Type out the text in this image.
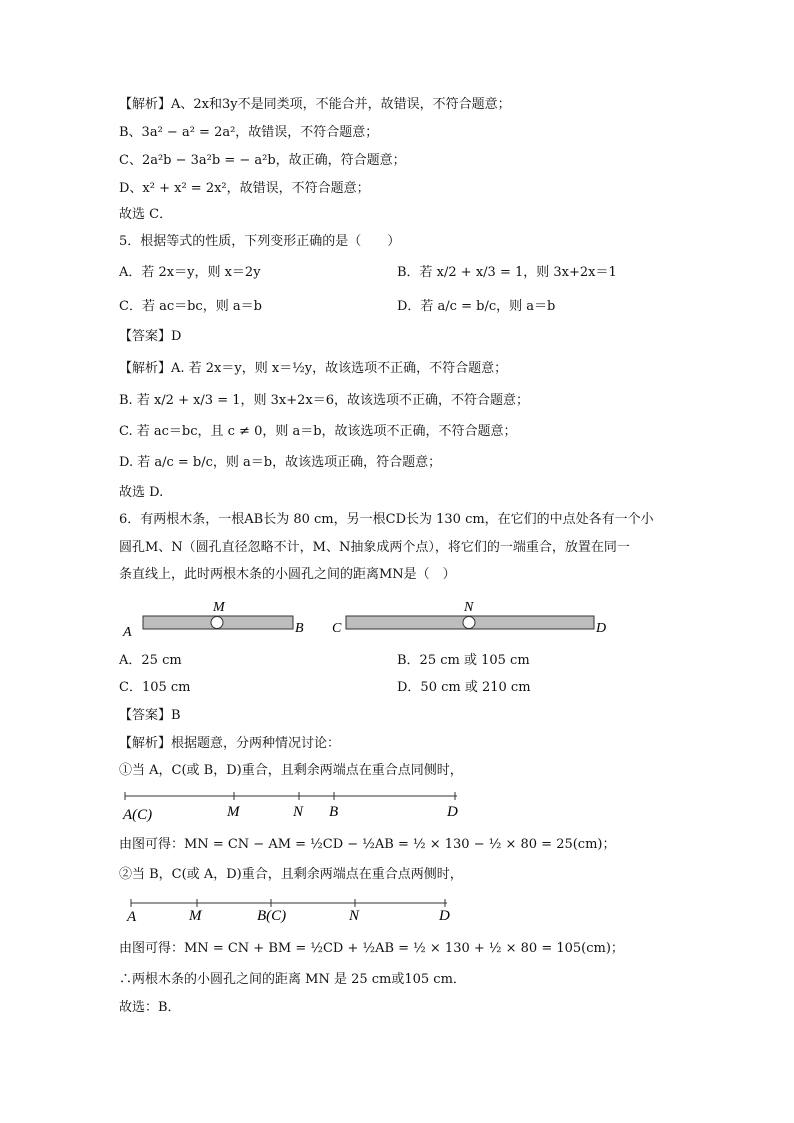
【解析】A、2x和3y不是同类项，不能合并，故错误，不符合题意；
B、3a² − a² = 2a²，故错误，不符合题意；
C、2a²b − 3a²b = − a²b，故正确，符合题意；
D、x² + x² = 2x²，故错误，不符合题意；
故选 C．
5．根据等式的性质，下列变形正确的是（　　）
A．若 2x＝y，则 x＝2y	B．若 x/2 + x/3 = 1，则 3x+2x＝1
C．若 ac＝bc，则 a＝b	D．若 a/c = b/c，则 a＝b
【答案】D
【解析】A. 若 2x＝y，则 x＝½y，故该选项不正确，不符合题意；
B. 若 x/2 + x/3 = 1，则 3x+2x＝6，故该选项不正确，不符合题意；
C. 若 ac＝bc，且 c ≠ 0，则 a＝b，故该选项不正确，不符合题意；
D. 若 a/c = b/c，则 a＝b，故该选项正确，符合题意；
故选 D.
6．有两根木条，一根AB长为 80 cm，另一根CD长为 130 cm，在它们的中点处各有一个小
圆孔M、N（圆孔直径忽略不计，M、N抽象成两个点），将它们的一端重合，放置在同一
条直线上，此时两根木条的小圆孔之间的距离MN是（　）
A
M
B C
N
D
A．25 cm	B．25 cm 或 105 cm
C．105 cm	D．50 cm 或 210 cm
【答案】B
【解析】根据题意，分两种情况讨论：
①当 A，C(或 B，D)重合，且剩余两端点在重合点同侧时，
A(C)	M	N B	D
由图可得：MN = CN − AM = ½CD − ½AB = ½ × 130 − ½ × 80 = 25(cm)；
②当 B，C(或 A，D)重合，且剩余两端点在重合点两侧时，
A	M	B(C)	N	D
由图可得：MN = CN + BM = ½CD + ½AB = ½ × 130 + ½ × 80 = 105(cm)；
∴两根木条的小圆孔之间的距离 MN 是 25 cm或105 cm．
故选：B．
